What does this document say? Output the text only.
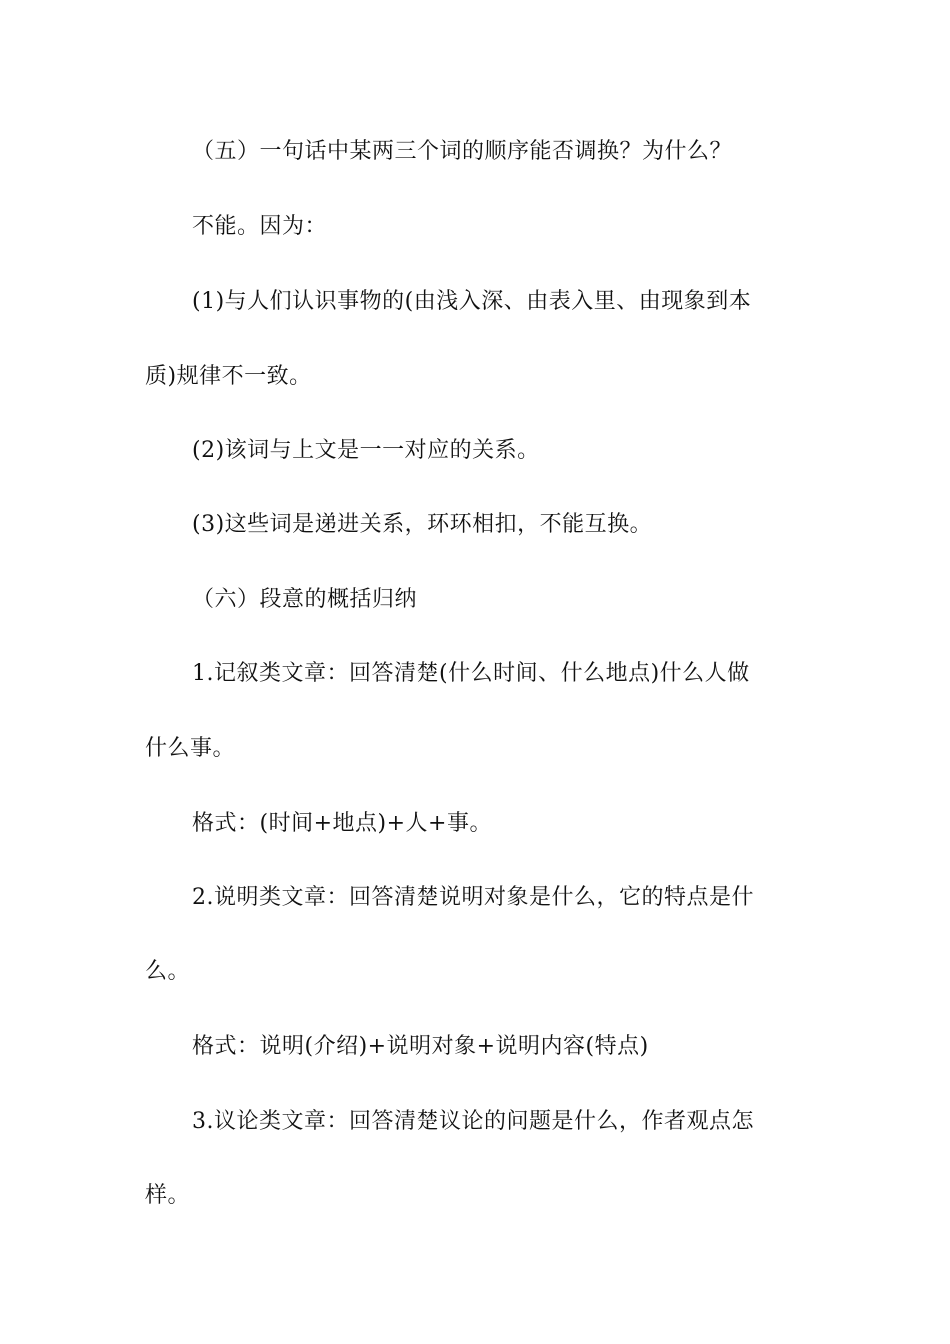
（五）一句话中某两三个词的顺序能否调换？为什么？
不能。因为：
(1)与人们认识事物的(由浅入深、由表入里、由现象到本
质)规律不一致。
(2)该词与上文是一一对应的关系。
(3)这些词是递进关系，环环相扣，不能互换。
（六）段意的概括归纳
1.记叙类文章：回答清楚(什么时间、什么地点)什么人做
什么事。
格式：(时间+地点)+人+事。
2.说明类文章：回答清楚说明对象是什么，它的特点是什
么。
格式：说明(介绍)+说明对象+说明内容(特点)
3.议论类文章：回答清楚议论的问题是什么，作者观点怎
样。
